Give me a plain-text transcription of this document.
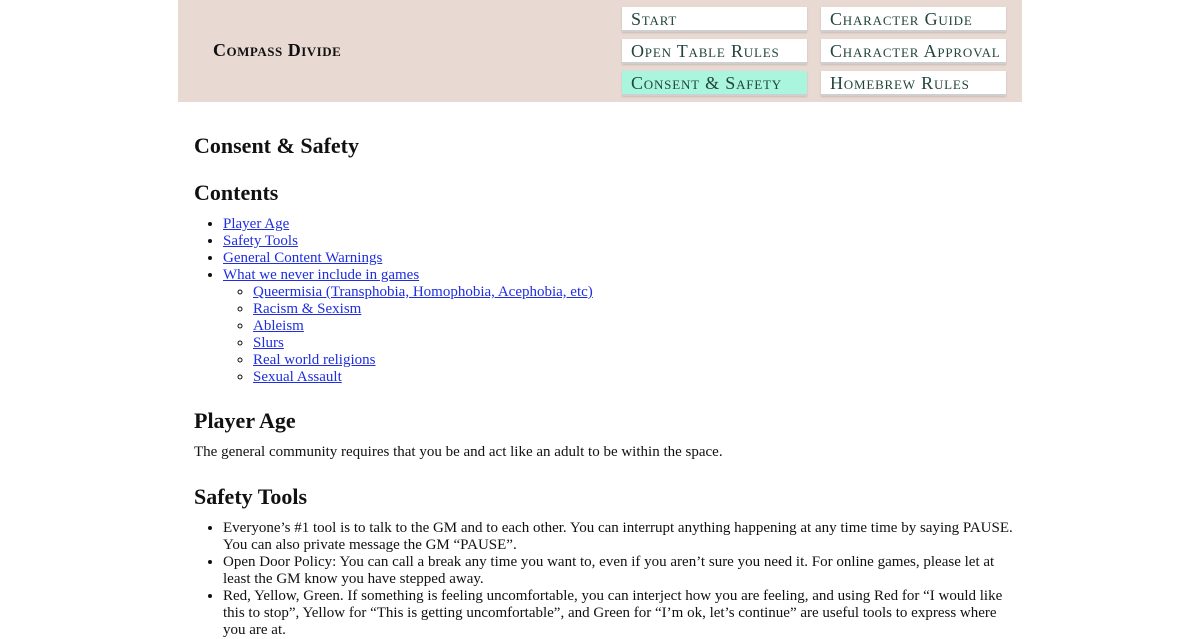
Compass Divide
Start	Character Guide
Open Table Rules	Character Approval
Consent & Safety	Homebrew Rules
Consent & Safety
Contents
• Player Age
• Safety Tools
• General Content Warnings
• What we never include in games
◦ Queermisia (Transphobia, Homophobia, Acephobia, etc)
◦ Racism & Sexism
◦ Ableism
◦ Slurs
◦ Real world religions
◦ Sexual Assault
Player Age

The general community requires that you be and act like an adult to be within the space.

Safety Tools
• Everyone’s #1 tool is to talk to the GM and to each other. You can interrupt anything happening at any time time by saying PAUSE. You can also private message the GM “PAUSE”.
• Open Door Policy: You can call a break any time you want to, even if you aren’t sure you need it. For online games, please let at least the GM know you have stepped away.
• Red, Yellow, Green. If something is feeling uncomfortable, you can interject how you are feeling, and using Red for “I would like this to stop”, Yellow for “This is getting uncomfortable”, and Green for “I’m ok, let’s continue” are useful tools to express where you are at.
